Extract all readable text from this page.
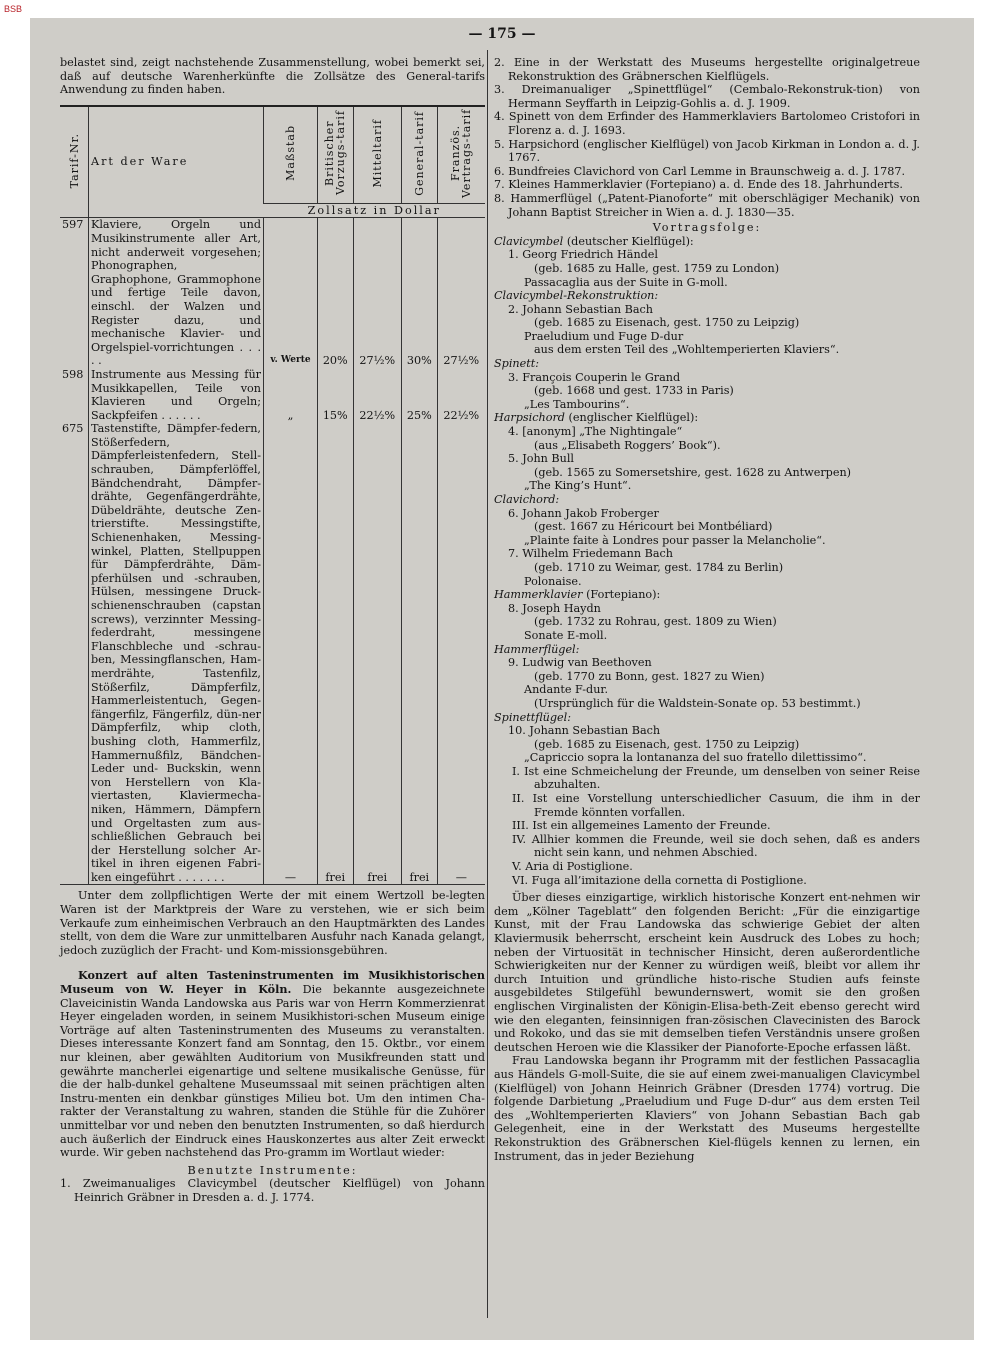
BSB
— 175 —

belastet sind, zeigt nachstehende Zusammenstellung, wobei bemerkt sei, daß auf deutsche Warenherkünfte die Zollsätze des General-tarifs Anwendung zu finden haben.

Tarif-Nr.	Art der Ware	Maßstab	Britischer Vorzugs-tarif	Mitteltarif	General-tarif	Französ. Vertrags-tarif
		Zollsatz in Dollar				
597	Klaviere, Orgeln und Musikinstrumente aller Art, nicht anderweit vorgesehen; Phonographen, Graphophone, Grammophone und fertige Teile davon, einschl. der Walzen und Register dazu, und mechanische Klavier- und Orgelspiel-vorrichtungen . . . . .	v. Werte	20%	27½%	30%	27½%
598	Instrumente aus Messing für Musikkapellen, Teile von Klavieren und Orgeln; Sackpfeifen . . . . . .	„	15%	22½%	25%	22½%
675	Tastenstifte, Dämpfer-federn, Stößerfedern, Dämpferleistenfedern, Stell-schrauben, Dämpferlöffel, Bändchendraht, Dämpfer-drähte, Gegenfängerdrähte, Dübeldrähte, deutsche Zen-trierstifte. Messingstifte, Schienenhaken, Messing-winkel, Platten, Stellpuppen für Dämpferdrähte, Däm-pferhülsen und -schrauben, Hülsen, messingene Druck-schienenschrauben (capstan screws), verzinnter Messing-federdraht, messingene Flanschbleche und -schrau-ben, Messingflanschen, Ham-merdrähte, Tastenfilz, Stößerfilz, Dämpferfilz, Hammerleistentuch, Gegen-fängerfilz, Fängerfilz, dün-ner Dämpferfilz, whip cloth, bushing cloth, Hammerfilz, Hammernußfilz, Bändchen-Leder und- Buckskin, wenn von Herstellern von Kla-viertasten, Klaviermecha-niken, Hämmern, Dämpfern und Orgeltasten zum aus-schließlichen Gebrauch bei der Herstellung solcher Ar-tikel in ihren eigenen Fabri-ken eingeführt . . . . . . .	—	frei	frei	frei	—

Unter dem zollpflichtigen Werte der mit einem Wertzoll be-legten Waren ist der Marktpreis der Ware zu verstehen, wie er sich beim Verkaufe zum einheimischen Verbrauch an den Hauptmärkten des Landes stellt, von dem die Ware zur unmittelbaren Ausfuhr nach Kanada gelangt, jedoch zuzüglich der Fracht- und Kom-missionsgebühren.

Konzert auf alten Tasteninstrumenten im Musikhistorischen Museum von W. Heyer in Köln. Die bekannte ausgezeichnete Claveicinistin Wanda Landowska aus Paris war von Herrn Kommerzienrat Heyer eingeladen worden, in seinem Musikhistori-schen Museum einige Vorträge auf alten Tasteninstrumenten des Museums zu veranstalten. Dieses interessante Konzert fand am Sonntag, den 15. Oktbr., vor einem nur kleinen, aber gewählten Auditorium von Musikfreunden statt und gewährte mancherlei eigenartige und seltene musikalische Genüsse, für die der halb-dunkel gehaltene Museumssaal mit seinen prächtigen alten Instru-menten ein denkbar günstiges Milieu bot. Um den intimen Cha-rakter der Veranstaltung zu wahren, standen die Stühle für die Zuhörer unmittelbar vor und neben den benutzten Instrumenten, so daß hierdurch auch äußerlich der Eindruck eines Hauskonzertes aus alter Zeit erweckt wurde. Wir geben nachstehend das Pro-gramm im Wortlaut wieder:

Benutzte Instrumente:

1. Zweimanualiges Clavicymbel (deutscher Kielflügel) von Johann Heinrich Gräbner in Dresden a. d. J. 1774.

2. Eine in der Werkstatt des Museums hergestellte originalgetreue Rekonstruktion des Gräbnerschen Kielflügels.

3. Dreimanualiger „Spinettflügel“ (Cembalo-Rekonstruk-tion) von Hermann Seyffarth in Leipzig-Gohlis a. d. J. 1909.

4. Spinett von dem Erfinder des Hammerklaviers Bartolomeo Cristofori in Florenz a. d. J. 1693.

5. Harpsichord (englischer Kielflügel) von Jacob Kirkman in London a. d. J. 1767.

6. Bundfreies Clavichord von Carl Lemme in Braunschweig a. d. J. 1787.

7. Kleines Hammerklavier (Fortepiano) a. d. Ende des 18. Jahrhunderts.

8. Hammerflügel („Patent-Pianoforte“ mit oberschlägiger Mechanik) von Johann Baptist Streicher in Wien a. d. J. 1830—35.

Vortragsfolge:

Clavicymbel (deutscher Kielflügel):

1. Georg Friedrich Händel

(geb. 1685 zu Halle, gest. 1759 zu London)

Passacaglia aus der Suite in G-moll.

Clavicymbel-Rekonstruktion:

2. Johann Sebastian Bach

(geb. 1685 zu Eisenach, gest. 1750 zu Leipzig)

Praeludium und Fuge D-dur

aus dem ersten Teil des „Wohltemperierten Klaviers“.

Spinett:

3. François Couperin le Grand

(geb. 1668 und gest. 1733 in Paris)

„Les Tambourins“.

Harpsichord (englischer Kielflügel):

4. [anonym] „The Nightingale“

(aus „Elisabeth Roggers’ Book“).

5. John Bull

(geb. 1565 zu Somersetshire, gest. 1628 zu Antwerpen)

„The King’s Hunt“.

Clavichord:

6. Johann Jakob Froberger

(gest. 1667 zu Héricourt bei Montbéliard)

„Plainte faite à Londres pour passer la Melancholie“.

7. Wilhelm Friedemann Bach

(geb. 1710 zu Weimar, gest. 1784 zu Berlin)

Polonaise.

Hammerklavier (Fortepiano):

8. Joseph Haydn

(geb. 1732 zu Rohrau, gest. 1809 zu Wien)

Sonate E-moll.

Hammerflügel:

9. Ludwig van Beethoven

(geb. 1770 zu Bonn, gest. 1827 zu Wien)

Andante F-dur.

(Ursprünglich für die Waldstein-Sonate op. 53 bestimmt.)

Spinettflügel:

10. Johann Sebastian Bach

(geb. 1685 zu Eisenach, gest. 1750 zu Leipzig)

„Capriccio sopra la lontananza del suo fratello dilettissimo“.

I. Ist eine Schmeichelung der Freunde, um denselben von seiner Reise abzuhalten.

II. Ist eine Vorstellung unterschiedlicher Casuum, die ihm in der Fremde könnten vorfallen.

III. Ist ein allgemeines Lamento der Freunde.

IV. Allhier kommen die Freunde, weil sie doch sehen, daß es anders nicht sein kann, und nehmen Abschied.

V. Aria di Postiglione.

VI. Fuga all’imitazione della cornetta di Postiglione.

Über dieses einzigartige, wirklich historische Konzert ent-nehmen wir dem „Kölner Tageblatt“ den folgenden Bericht: „Für die einzigartige Kunst, mit der Frau Landowska das schwierige Gebiet der alten Klaviermusik beherrscht, erscheint kein Ausdruck des Lobes zu hoch; neben der Virtuosität in technischer Hinsicht, deren außerordentliche Schwierigkeiten nur der Kenner zu würdigen weiß, bleibt vor allem ihr durch Intuition und gründliche histo-rische Studien aufs feinste ausgebildetes Stilgefühl bewundernswert, womit sie den großen englischen Virginalisten der Königin-Elisa-beth-Zeit ebenso gerecht wird wie den eleganten, feinsinnigen fran-zösischen Clavecinisten des Barock und Rokoko, und das sie mit demselben tiefen Verständnis unsere großen deutschen Heroen wie die Klassiker der Pianoforte-Epoche erfassen läßt.

Frau Landowska begann ihr Programm mit der festlichen Passacaglia aus Händels G-moll-Suite, die sie auf einem zwei-manualigen Clavicymbel (Kielflügel) von Johann Heinrich Gräbner (Dresden 1774) vortrug. Die folgende Darbietung „Praeludium und Fuge D-dur“ aus dem ersten Teil des „Wohltemperierten Klaviers“ von Johann Sebastian Bach gab Gelegenheit, eine in der Werkstatt des Museums hergestellte Rekonstruktion des Gräbnerschen Kiel-flügels kennen zu lernen, ein Instrument, das in jeder Beziehung
